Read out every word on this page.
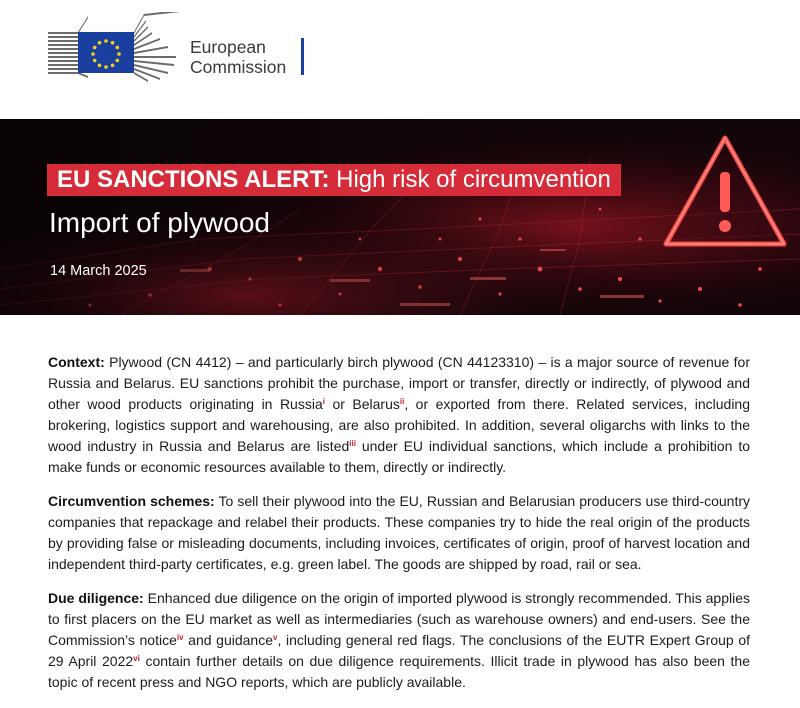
European
Commission
EU SANCTIONS ALERT: High risk of circumvention
Import of plywood
14 March 2025

Context: Plywood (CN 4412) – and particularly birch plywood (CN 44123310) – is a major source of revenue for Russia and Belarus. EU sanctions prohibit the purchase, import or transfer, directly or indirectly, of plywood and other wood products originating in Russia$^i$ or Belarus$^{ii}$, or exported from there. Related services, including brokering, logistics support and warehousing, are also prohibited. In addition, several oligarchs with links to the wood industry in Russia and Belarus are listed$^{iii}$ under EU individual sanctions, which include a prohibition to make funds or economic resources available to them, directly or indirectly.

Circumvention schemes: To sell their plywood into the EU, Russian and Belarusian producers use third-country companies that repackage and relabel their products. These companies try to hide the real origin of the products by providing false or misleading documents, including invoices, certificates of origin, proof of harvest location and independent third-party certificates, e.g. green label. The goods are shipped by road, rail or sea.

Due diligence: Enhanced due diligence on the origin of imported plywood is strongly recommended. This applies to first placers on the EU market as well as intermediaries (such as warehouse owners) and end-users. See the Commission’s notice$^{iv}$ and guidance$^v$, including general red flags. The conclusions of the EUTR Expert Group of 29 April 2022$^{vi}$ contain further details on due diligence requirements. Illicit trade in plywood has also been the topic of recent press and NGO reports, which are publicly available.
